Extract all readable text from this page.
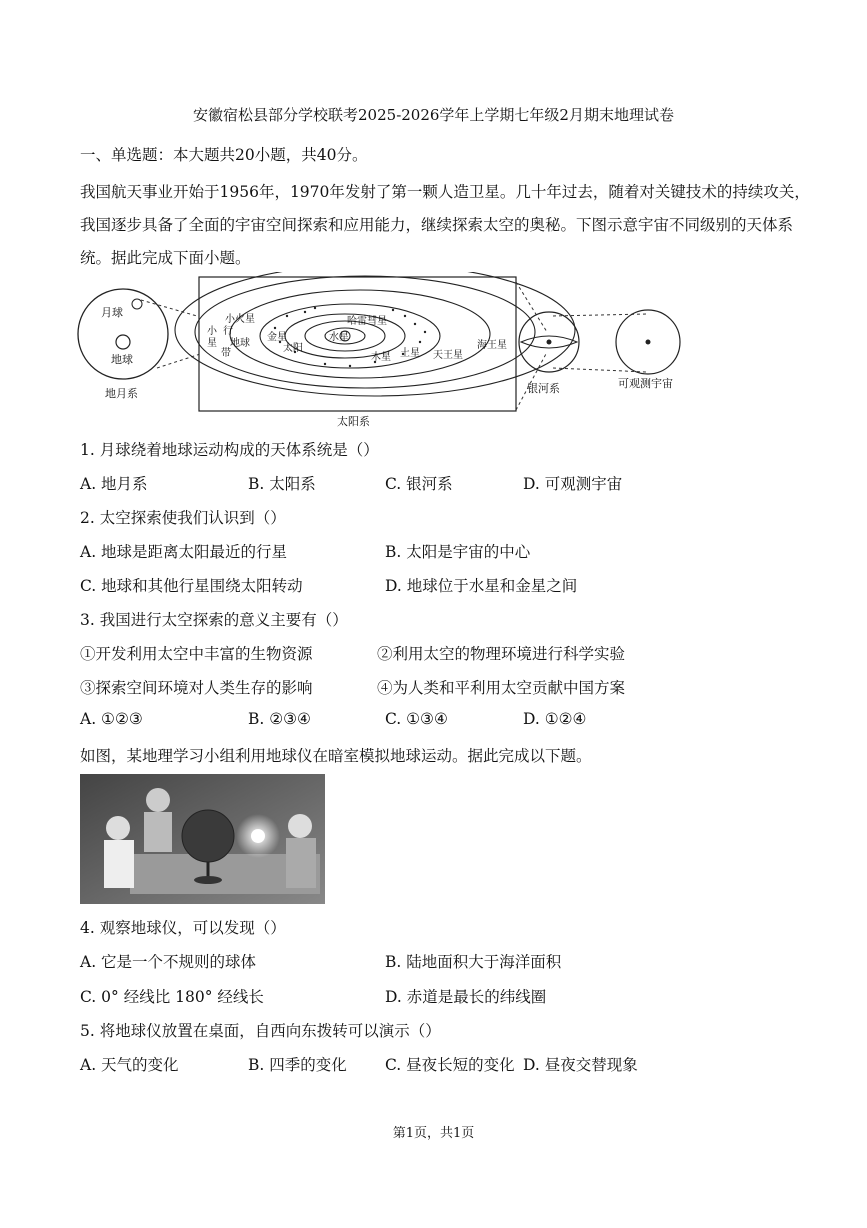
安徽宿松县部分学校联考2025-2026学年上学期七年级2月期末地理试卷
一、单选题：本大题共20小题，共40分。
我国航天事业开始于1956年，1970年发射了第一颗人造卫星。几十年过去，随着对关键技术的持续攻关，
我国逐步具备了全面的宇宙空间探索和应用能力，继续探索太空的奥秘。下图示意宇宙不同级别的天体系
统。据此完成下面小题。
月球
地球
地月系
小火星
小
星
行
带
地球
金星
太阳
水星
哈雷彗星
木星 土星 天王星
海王星
太阳系
银河系	可观测宇宙
1. 月球绕着地球运动构成的天体系统是（）
A. 地月系	B. 太阳系	C. 银河系	D. 可观测宇宙
2. 太空探索使我们认识到（）
A. 地球是距离太阳最近的行星	B. 太阳是宇宙的中心
C. 地球和其他行星围绕太阳转动	D. 地球位于水星和金星之间
3. 我国进行太空探索的意义主要有（）
①开发利用太空中丰富的生物资源	②利用太空的物理环境进行科学实验
③探索空间环境对人类生存的影响	④为人类和平利用太空贡献中国方案
A. ①②③	B. ②③④	C. ①③④	D. ①②④
如图，某地理学习小组利用地球仪在暗室模拟地球运动。据此完成以下题。
4. 观察地球仪，可以发现（）
A. 它是一个不规则的球体	B. 陆地面积大于海洋面积
C. 0° 经线比 180° 经线长	D. 赤道是最长的纬线圈
5. 将地球仪放置在桌面，自西向东拨转可以演示（）
A. 天气的变化	B. 四季的变化 C. 昼夜长短的变化 D. 昼夜交替现象
第1页，共1页
